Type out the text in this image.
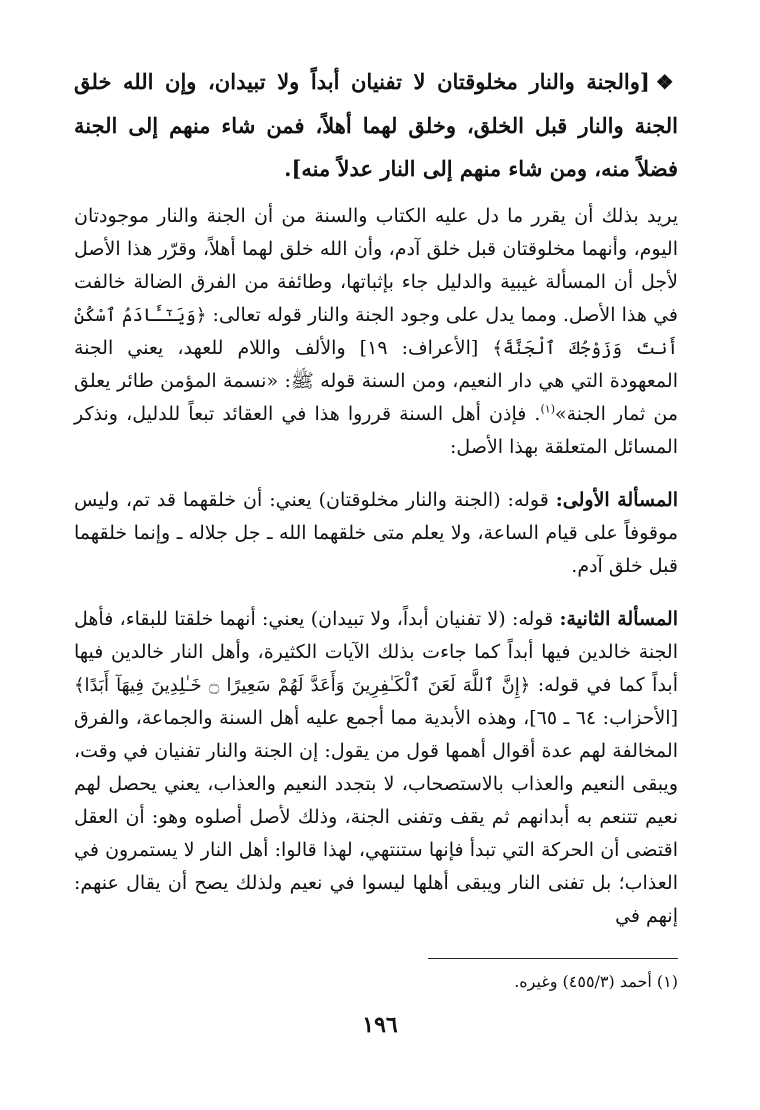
❖[والجنة والنار مخلوقتان لا تفنيان أبداً ولا تبيدان، وإن الله خلق الجنة والنار قبل الخلق، وخلق لهما أهلاً، فمن شاء منهم إلى الجنة فضلاً منه، ومن شاء منهم إلى النار عدلاً منه].

يريد بذلك أن يقرر ما دل عليه الكتاب والسنة من أن الجنة والنار موجودتان اليوم، وأنهما مخلوقتان قبل خلق آدم، وأن الله خلق لهما أهلاً، وقرّر هذا الأصل لأجل أن المسألة غيبية والدليل جاء بإثباتها، وطائفة من الفرق الضالة خالفت في هذا الأصل. ومما يدل على وجود الجنة والنار قوله تعالى: ﴿وَيَـٰٓـَٔادَمُ ٱسْكُنْ أَنتَ وَزَوْجُكَ ٱلْجَنَّةَ﴾ [الأعراف: ١٩] والألف واللام للعهد، يعني الجنة المعهودة التي هي دار النعيم، ومن السنة قوله ﷺ: «نسمة المؤمن طائر يعلق من ثمار الجنة»$^{(١)}$. فإذن أهل السنة قرروا هذا في العقائد تبعاً للدليل، ونذكر المسائل المتعلقة بهذا الأصل:

المسألة الأولى: قوله: (الجنة والنار مخلوقتان) يعني: أن خلقهما قد تم، وليس موقوفاً على قيام الساعة، ولا يعلم متى خلقهما الله ـ جل جلاله ـ وإنما خلقهما قبل خلق آدم.

المسألة الثانية: قوله: (لا تفنيان أبداً، ولا تبيدان) يعني: أنهما خلقتا للبقاء، فأهل الجنة خالدين فيها أبداً كما جاءت بذلك الآيات الكثيرة، وأهل النار خالدين فيها أبداً كما في قوله: ﴿إِنَّ ٱللَّهَ لَعَنَ ٱلْكَـٰفِرِينَ وَأَعَدَّ لَهُمْ سَعِيرًا ۝ خَـٰلِدِينَ فِيهَآ أَبَدًا﴾ [الأحزاب: ٦٤ ـ ٦٥]، وهذه الأبدية مما أجمع عليه أهل السنة والجماعة، والفرق المخالفة لهم عدة أقوال أهمها قول من يقول: إن الجنة والنار تفنيان في وقت، ويبقى النعيم والعذاب بالاستصحاب، لا بتجدد النعيم والعذاب، يعني يحصل لهم نعيم تتنعم به أبدانهم ثم يقف وتفنى الجنة، وذلك لأصل أصلوه وهو: أن العقل اقتضى أن الحركة التي تبدأ فإنها ستنتهي، لهذا قالوا: أهل النار لا يستمرون في العذاب؛ بل تفنى النار ويبقى أهلها ليسوا في نعيم ولذلك يصح أن يقال عنهم: إنهم في

(١) أحمد (٤٥٥/٣) وغيره.
١٩٦
